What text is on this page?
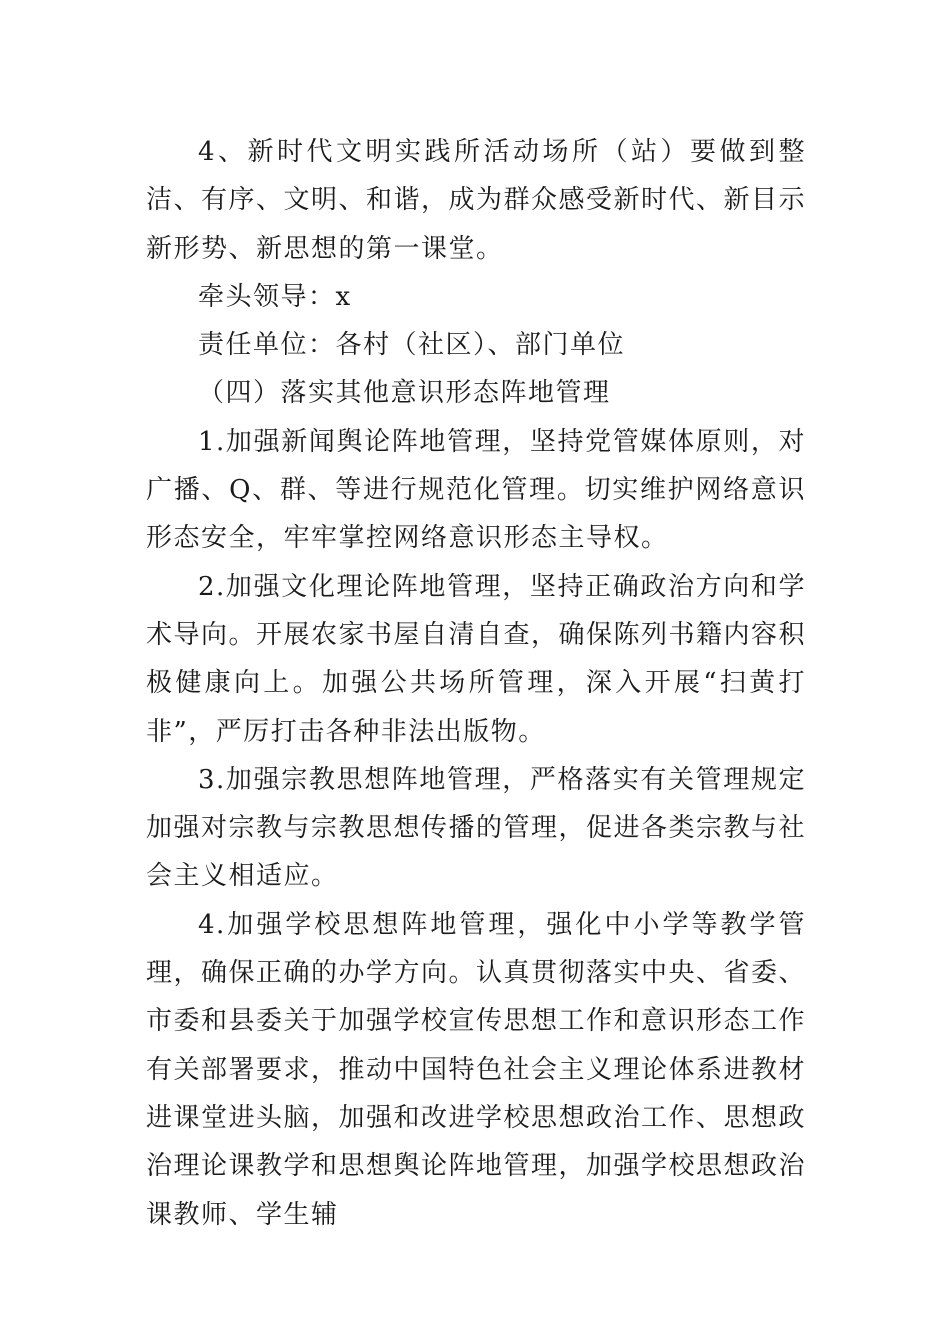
4、新时代文明实践所活动场所（站）要做到整洁、有序、文明、和谐，成为群众感受新时代、新目示新形势、新思想的第一课堂。

牵头领导：x

责任单位：各村（社区）、部门单位

（四）落实其他意识形态阵地管理

1.加强新闻舆论阵地管理，坚持党管媒体原则，对广播、Q、群、等进行规范化管理。切实维护网络意识形态安全，牢牢掌控网络意识形态主导权。

2.加强文化理论阵地管理，坚持正确政治方向和学术导向。开展农家书屋自清自查，确保陈列书籍内容积极健康向上。加强公共场所管理，深入开展“扫黄打非”，严厉打击各种非法出版物。

3.加强宗教思想阵地管理，严格落实有关管理规定加强对宗教与宗教思想传播的管理，促进各类宗教与社会主义相适应。

4.加强学校思想阵地管理，强化中小学等教学管理，确保正确的办学方向。认真贯彻落实中央、省委、市委和县委关于加强学校宣传思想工作和意识形态工作有关部署要求，推动中国特色社会主义理论体系进教材进课堂进头脑，加强和改进学校思想政治工作、思想政治理论课教学和思想舆论阵地管理，加强学校思想政治课教师、学生辅
